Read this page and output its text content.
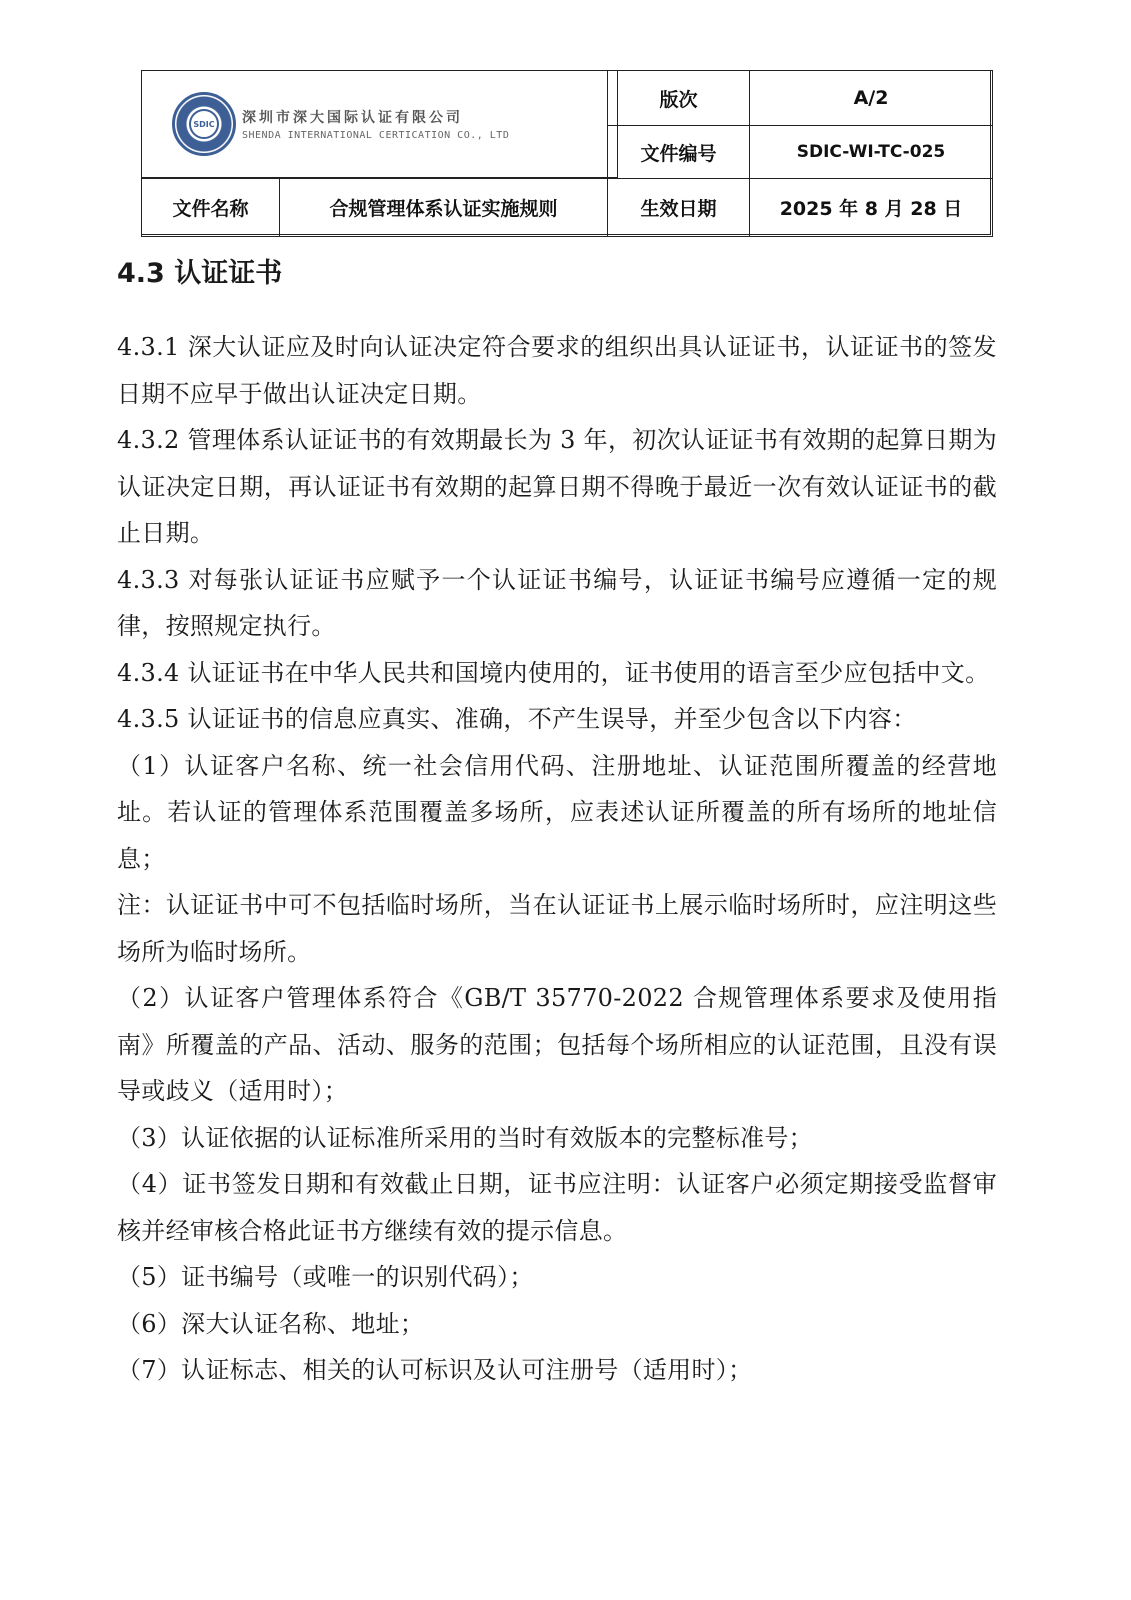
SDIC	深圳市深大国际认证有限公司
SHENDA INTERNATIONAL CERTICATION CO., LTD
版次	A/2
文件编号	SDIC-WI-TC-025
文件名称	合规管理体系认证实施规则	生效日期	2025 年 8 月 28 日
4.3 认证证书

4.3.1 深大认证应及时向认证决定符合要求的组织出具认证证书，认证证书的签发日期不应早于做出认证决定日期。

4.3.2 管理体系认证证书的有效期最长为 3 年，初次认证证书有效期的起算日期为认证决定日期，再认证证书有效期的起算日期不得晚于最近一次有效认证证书的截止日期。

4.3.3 对每张认证证书应赋予一个认证证书编号，认证证书编号应遵循一定的规律，按照规定执行。

4.3.4 认证证书在中华人民共和国境内使用的，证书使用的语言至少应包括中文。

4.3.5 认证证书的信息应真实、准确，不产生误导，并至少包含以下内容：

（1）认证客户名称、统一社会信用代码、注册地址、认证范围所覆盖的经营地址。若认证的管理体系范围覆盖多场所，应表述认证所覆盖的所有场所的地址信息；

注：认证证书中可不包括临时场所，当在认证证书上展示临时场所时，应注明这些场所为临时场所。

（2）认证客户管理体系符合《GB/T 35770-2022 合规管理体系要求及使用指南》所覆盖的产品、活动、服务的范围；包括每个场所相应的认证范围，且没有误导或歧义（适用时）；

（3）认证依据的认证标准所采用的当时有效版本的完整标准号；

（4）证书签发日期和有效截止日期，证书应注明：认证客户必须定期接受监督审核并经审核合格此证书方继续有效的提示信息。

（5）证书编号（或唯一的识别代码）；

（6）深大认证名称、地址；

（7）认证标志、相关的认可标识及认可注册号（适用时）；
